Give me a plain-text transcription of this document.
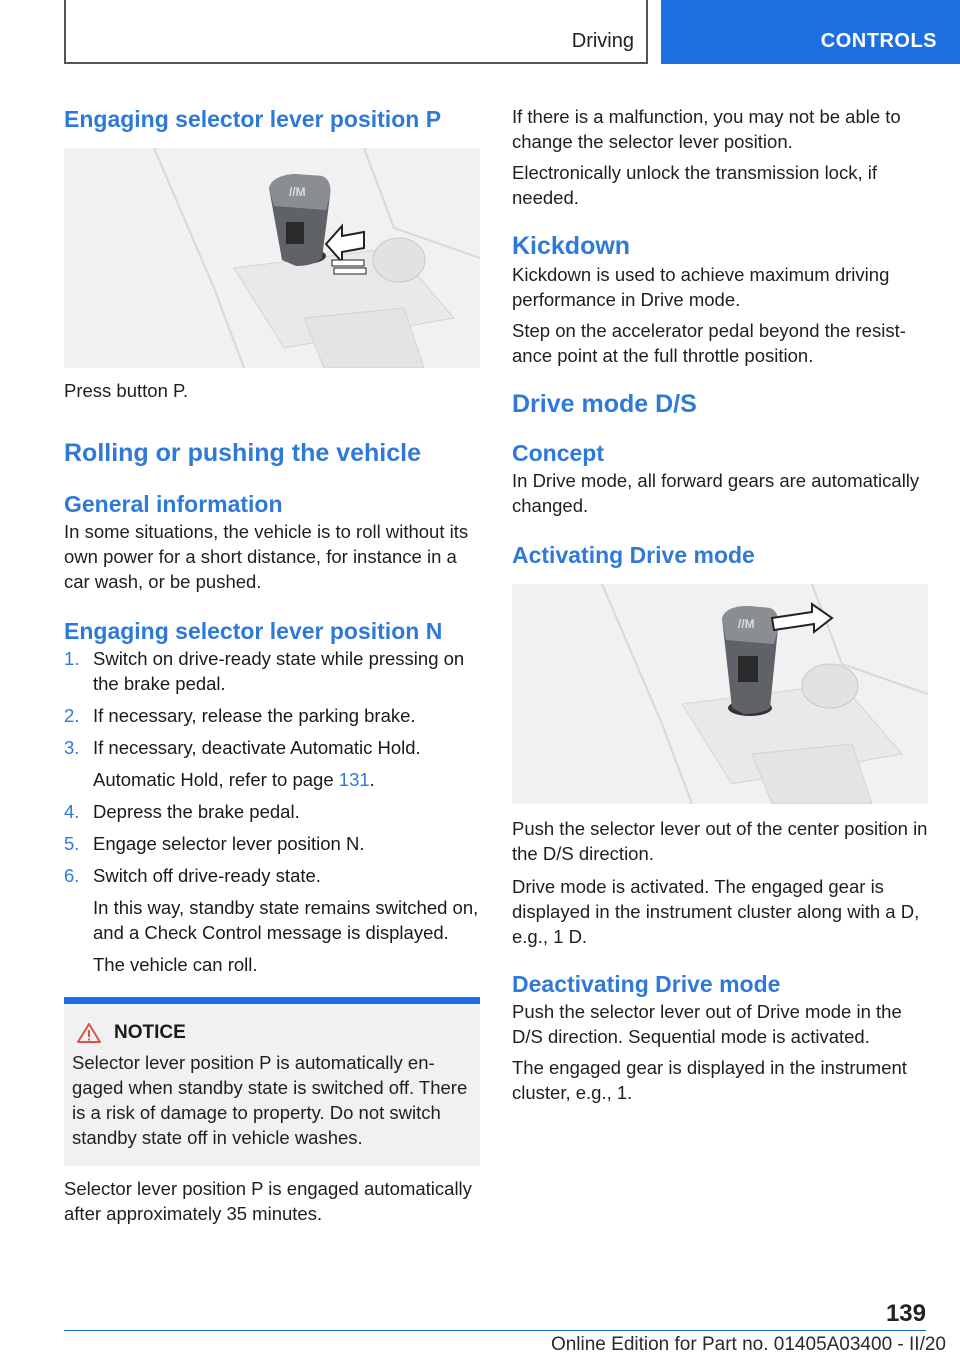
Driving	CONTROLS
Engaging selector lever position P
//M

Press button P.

Rolling or pushing the vehicle
General information

In some situations, the vehicle is to roll without its own power for a short distance, for instance in a car wash, or be pushed.

Engaging selector lever position N
1. Switch on drive-ready state while pressing on the brake pedal.
2. If necessary, release the parking brake.
3. If necessary, deactivate Automatic Hold.
Automatic Hold, refer to page 131.
4. Depress the brake pedal.
5. Engage selector lever position N.
6. Switch off drive-ready state.
In this way, standby state remains switched on, and a Check Control message is displayed.
The vehicle can roll.
NOTICE

Selector lever position P is automatically engaged when standby state is switched off. There is a risk of damage to property. Do not switch standby state off in vehicle washes.

Selector lever position P is engaged automatically after approximately 35 minutes.

If there is a malfunction, you may not be able to change the selector lever position.

Electronically unlock the transmission lock, if needed.

Kickdown

Kickdown is used to achieve maximum driving performance in Drive mode.

Step on the accelerator pedal beyond the resistance point at the full throttle position.

Drive mode D/S
Concept

In Drive mode, all forward gears are automatically changed.

Activating Drive mode
//M

Push the selector lever out of the center position in the D/S direction.

Drive mode is activated. The engaged gear is displayed in the instrument cluster along with a D, e.g., 1 D.

Deactivating Drive mode

Push the selector lever out of Drive mode in the D/S direction. Sequential mode is activated.

The engaged gear is displayed in the instrument cluster, e.g., 1.

139
Online Edition for Part no. 01405A03400 - II/20
